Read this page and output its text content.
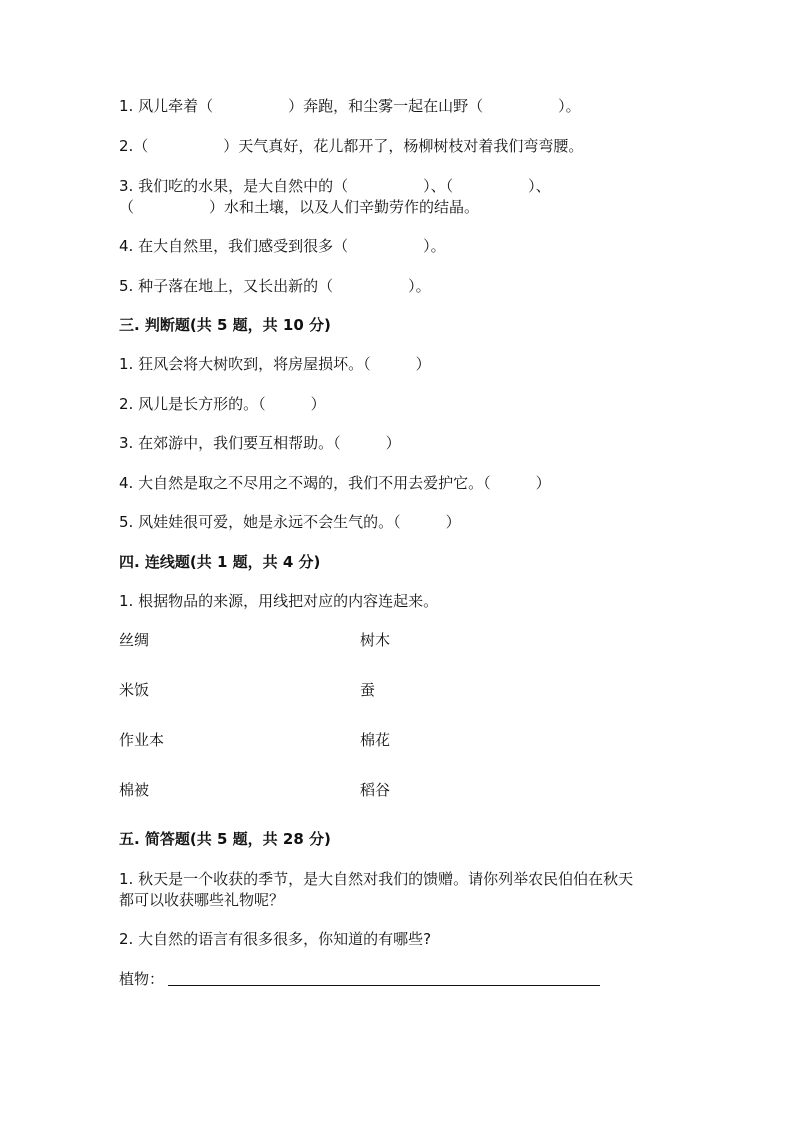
1. 风儿牵着（　　　　　）奔跑，和尘雾一起在山野（　　　　　）。
2.（　　　　　）天气真好，花儿都开了，杨柳树枝对着我们弯弯腰。
3. 我们吃的水果，是大自然中的（　　　　　）、（　　　　　）、
（　　　　　）水和土壤，以及人们辛勤劳作的结晶。
4. 在大自然里，我们感受到很多（　　　　　）。
5. 种子落在地上，又长出新的（　　　　　）。
三. 判断题(共 5 题，共 10 分)
1. 狂风会将大树吹到，将房屋损坏。（　　　）
2. 风儿是长方形的。（　　　）
3. 在郊游中，我们要互相帮助。（　　　）
4. 大自然是取之不尽用之不竭的，我们不用去爱护它。（　　　）
5. 风娃娃很可爱，她是永远不会生气的。（　　　）
四. 连线题(共 1 题，共 4 分)
1. 根据物品的来源，用线把对应的内容连起来。
丝绸
米饭
作业本
棉被
树木
蚕
棉花
稻谷
五. 简答题(共 5 题，共 28 分)
1. 秋天是一个收获的季节，是大自然对我们的馈赠。请你列举农民伯伯在秋天
都可以收获哪些礼物呢？
2. 大自然的语言有很多很多，你知道的有哪些?
植物：
